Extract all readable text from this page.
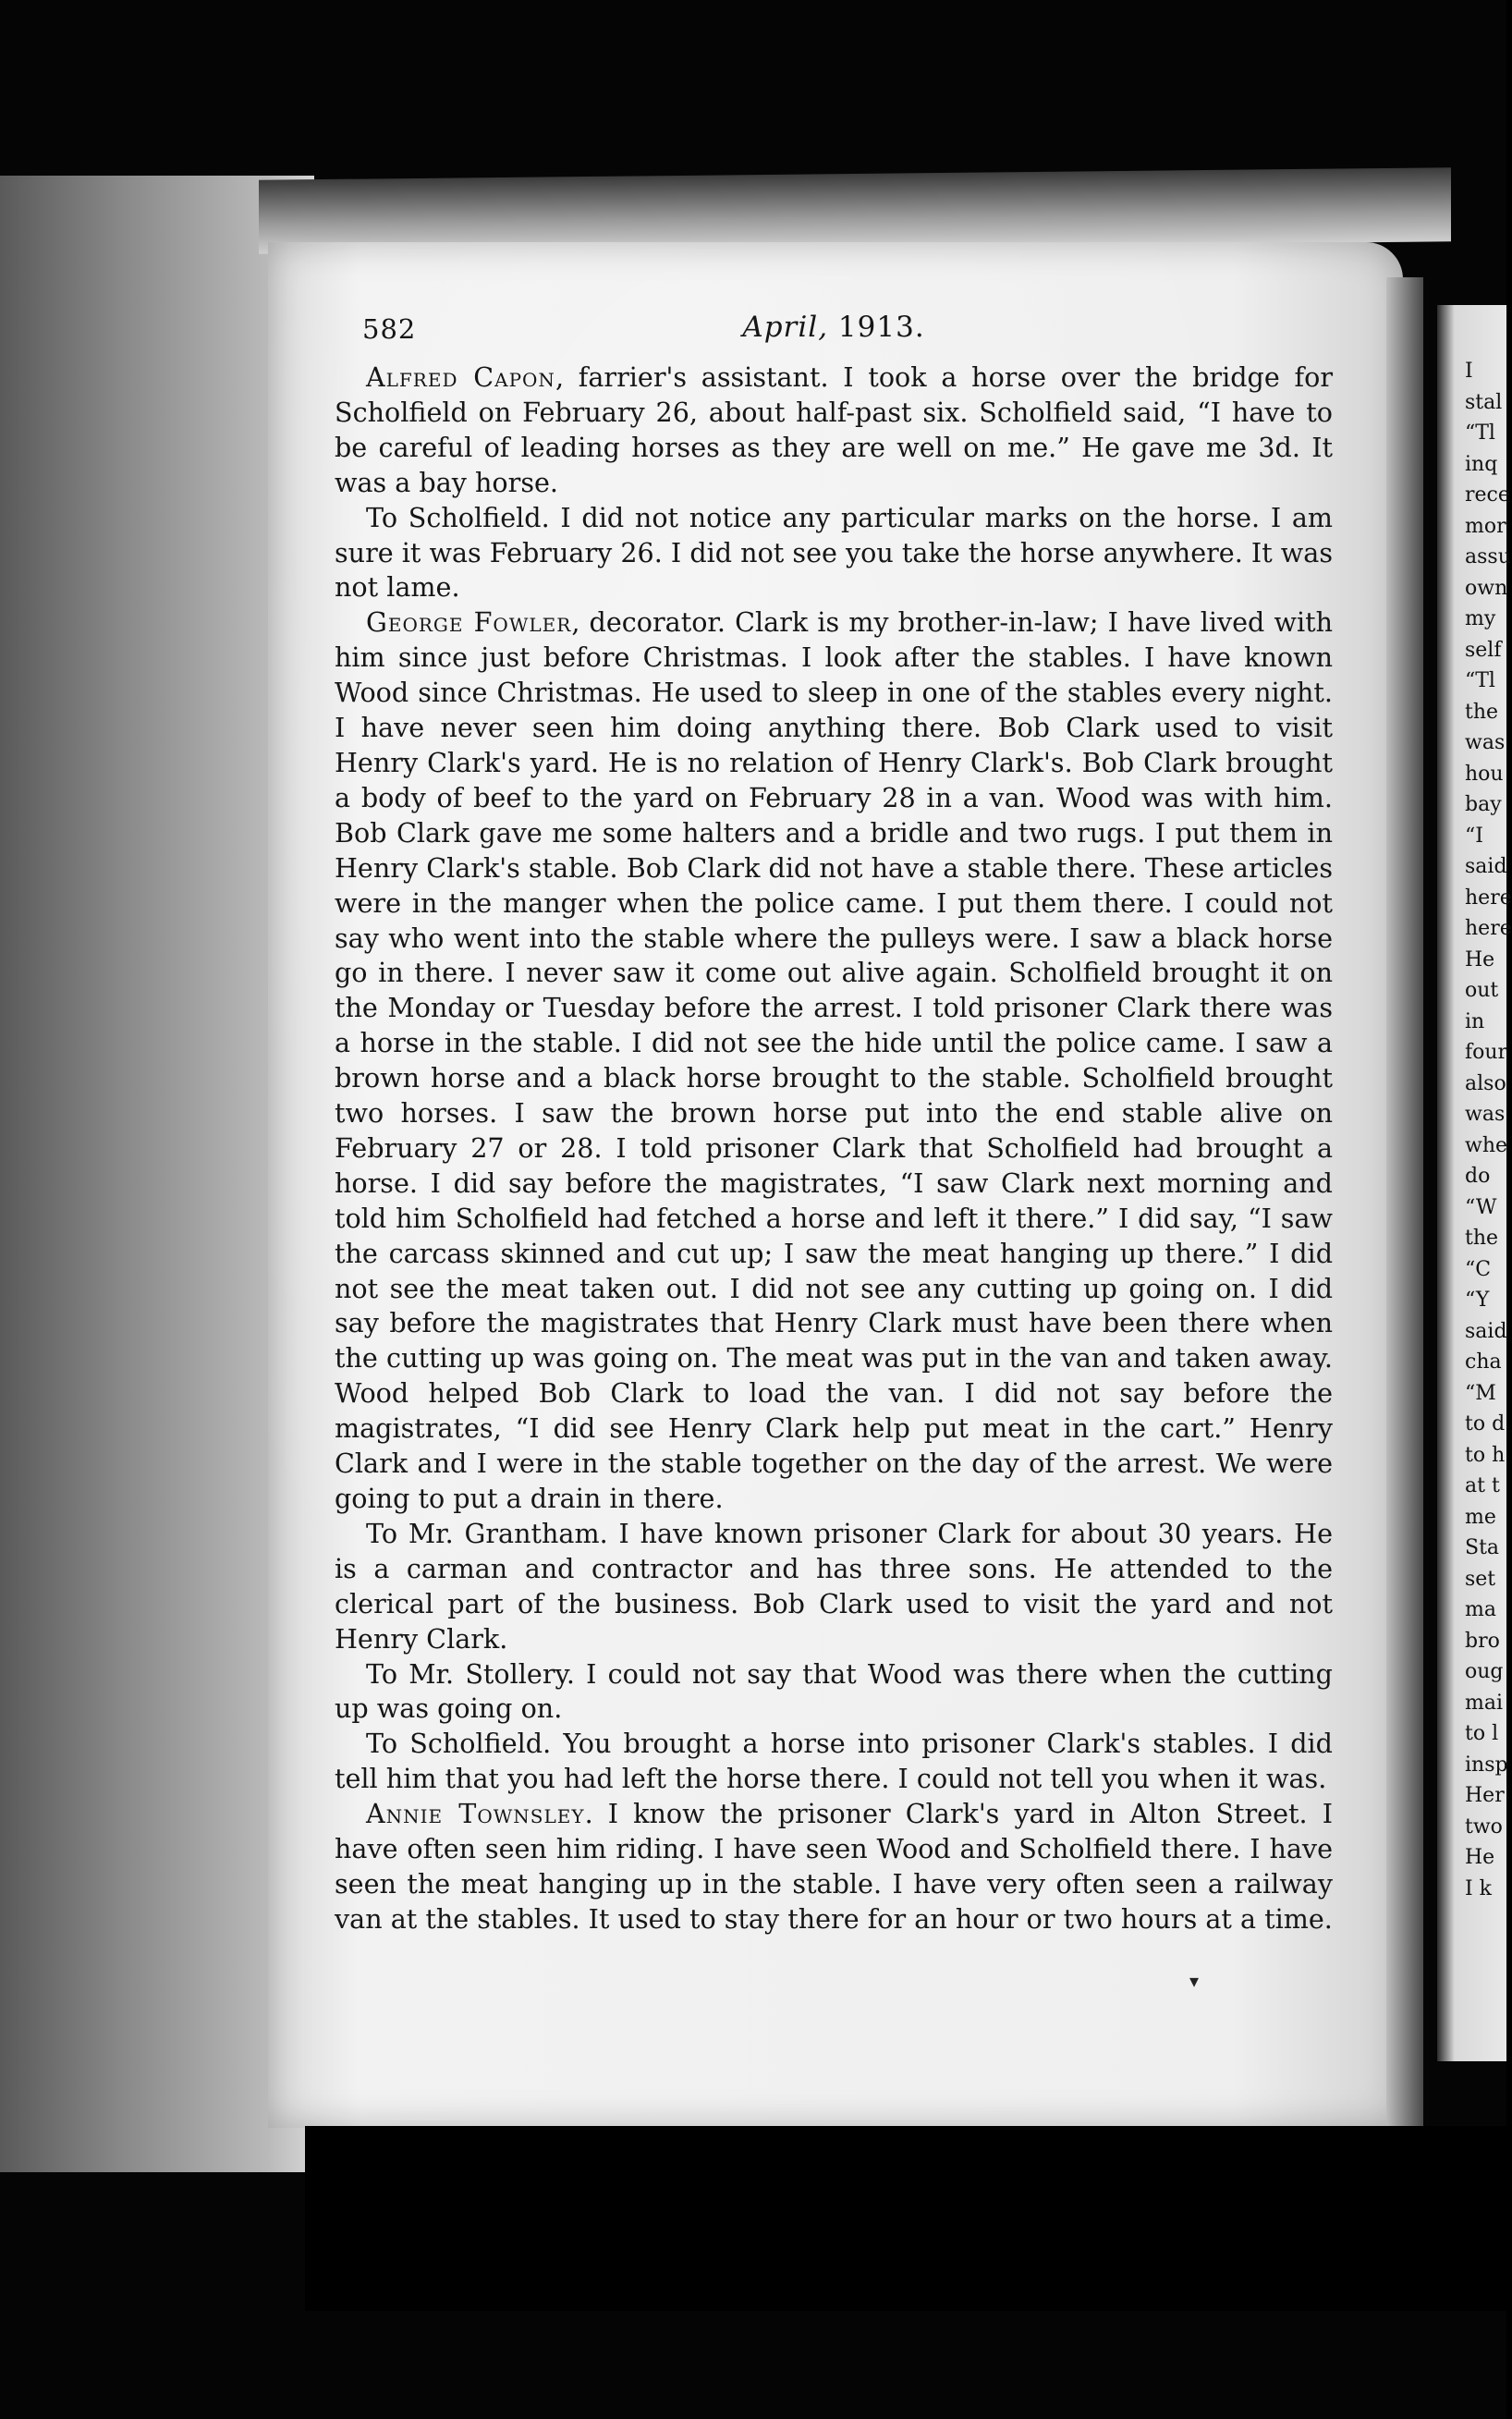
I
stal
“Tl
inq
rece
mor
assu
own
my
self
“Tl
the
was
hou
bay
“I
said
here
here
He
out
in
four
also
was
whe
do
“W
the
“C
“Y
said
cha
“M
to d
to h
at t
me
Sta
set
ma
bro
oug
mai
to l
insp
Her
two
He
I k
582	April, 1913.

Alfred Capon, farrier's assistant. I took a horse over the bridge for Scholfield on February 26, about half-past six. Scholfield said, “I have to be careful of leading horses as they are well on me.” He gave me 3d. It was a bay horse.

To Scholfield. I did not notice any particular marks on the horse. I am sure it was February 26. I did not see you take the horse anywhere. It was not lame.

George Fowler, decorator. Clark is my brother-in-law; I have lived with him since just before Christmas. I look after the stables. I have known Wood since Christmas. He used to sleep in one of the stables every night. I have never seen him doing anything there. Bob Clark used to visit Henry Clark's yard. He is no relation of Henry Clark's. Bob Clark brought a body of beef to the yard on February 28 in a van. Wood was with him. Bob Clark gave me some halters and a bridle and two rugs. I put them in Henry Clark's stable. Bob Clark did not have a stable there. These articles were in the manger when the police came. I put them there. I could not say who went into the stable where the pulleys were. I saw a black horse go in there. I never saw it come out alive again. Scholfield brought it on the Monday or Tuesday before the arrest. I told prisoner Clark there was a horse in the stable. I did not see the hide until the police came. I saw a brown horse and a black horse brought to the stable. Scholfield brought two horses. I saw the brown horse put into the end stable alive on February 27 or 28. I told prisoner Clark that Scholfield had brought a horse. I did say before the magistrates, “I saw Clark next morning and told him Scholfield had fetched a horse and left it there.” I did say, “I saw the carcass skinned and cut up; I saw the meat hanging up there.” I did not see the meat taken out. I did not see any cutting up going on. I did say before the magistrates that Henry Clark must have been there when the cutting up was going on. The meat was put in the van and taken away. Wood helped Bob Clark to load the van. I did not say before the magistrates, “I did see Henry Clark help put meat in the cart.” Henry Clark and I were in the stable together on the day of the arrest. We were going to put a drain in there.

To Mr. Grantham. I have known prisoner Clark for about 30 years. He is a carman and contractor and has three sons. He attended to the clerical part of the business. Bob Clark used to visit the yard and not Henry Clark.

To Mr. Stollery. I could not say that Wood was there when the cutting up was going on.

To Scholfield. You brought a horse into prisoner Clark's stables. I did tell him that you had left the horse there. I could not tell you when it was.

Annie Townsley. I know the prisoner Clark's yard in Alton Street. I have often seen him riding. I have seen Wood and Scholfield there. I have seen the meat hanging up in the stable. I have very often seen a railway van at the stables. It used to stay there for an hour or two hours at a time.

▾
